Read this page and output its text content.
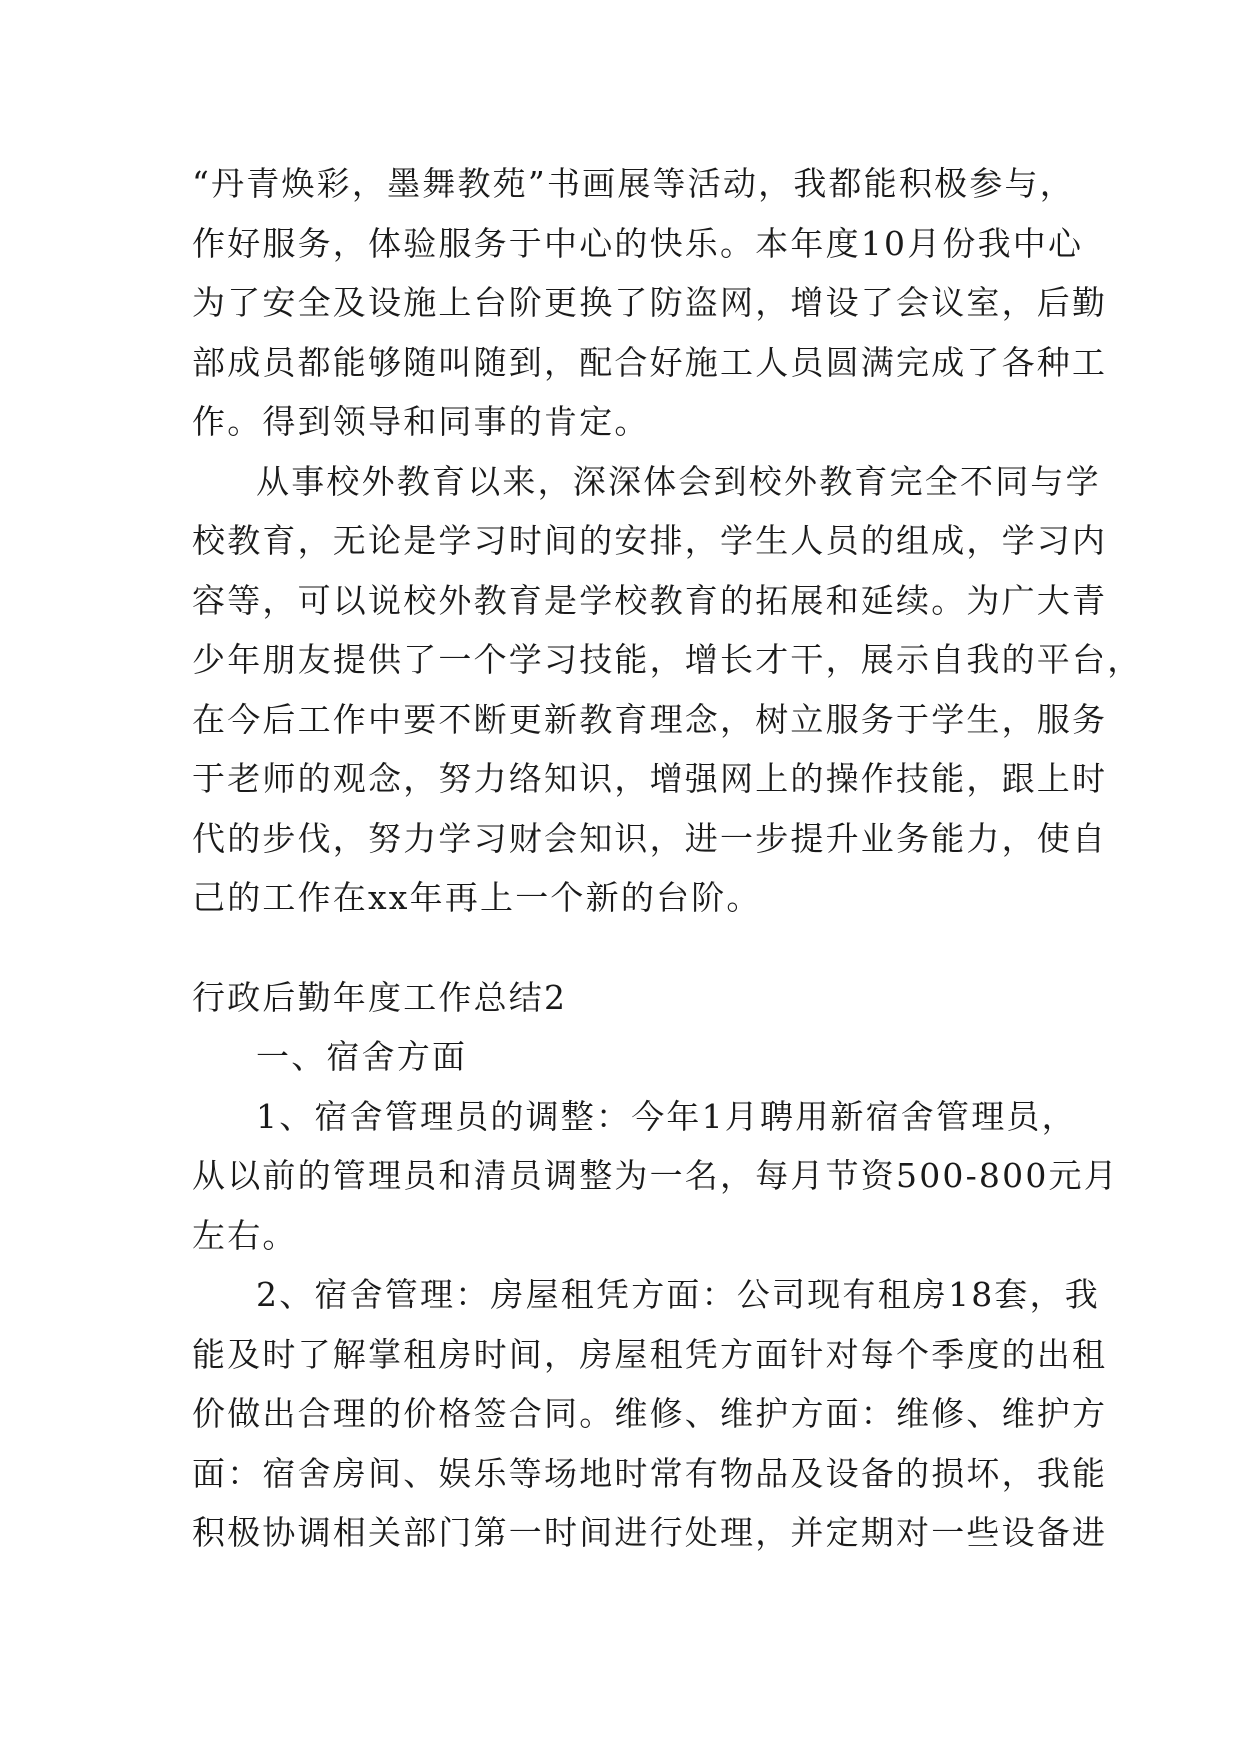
“丹青焕彩，墨舞教苑”书画展等活动，我都能积极参与，

作好服务，体验服务于中心的快乐。本年度10月份我中心

为了安全及设施上台阶更换了防盗网，增设了会议室，后勤

部成员都能够随叫随到，配合好施工人员圆满完成了各种工

作。得到领导和同事的肯定。

从事校外教育以来，深深体会到校外教育完全不同与学

校教育，无论是学习时间的安排，学生人员的组成，学习内

容等，可以说校外教育是学校教育的拓展和延续。为广大青

少年朋友提供了一个学习技能，增长才干，展示自我的平台，

在今后工作中要不断更新教育理念，树立服务于学生，服务

于老师的观念，努力络知识，增强网上的操作技能，跟上时

代的步伐，努力学习财会知识，进一步提升业务能力，使自

己的工作在xx年再上一个新的台阶。

行政后勤年度工作总结2

一、宿舍方面

1、宿舍管理员的调整：今年1月聘用新宿舍管理员，

从以前的管理员和清员调整为一名，每月节资500-800元月

左右。

2、宿舍管理：房屋租凭方面：公司现有租房18套，我

能及时了解掌租房时间，房屋租凭方面针对每个季度的出租

价做出合理的价格签合同。维修、维护方面：维修、维护方

面：宿舍房间、娱乐等场地时常有物品及设备的损坏，我能

积极协调相关部门第一时间进行处理，并定期对一些设备进
